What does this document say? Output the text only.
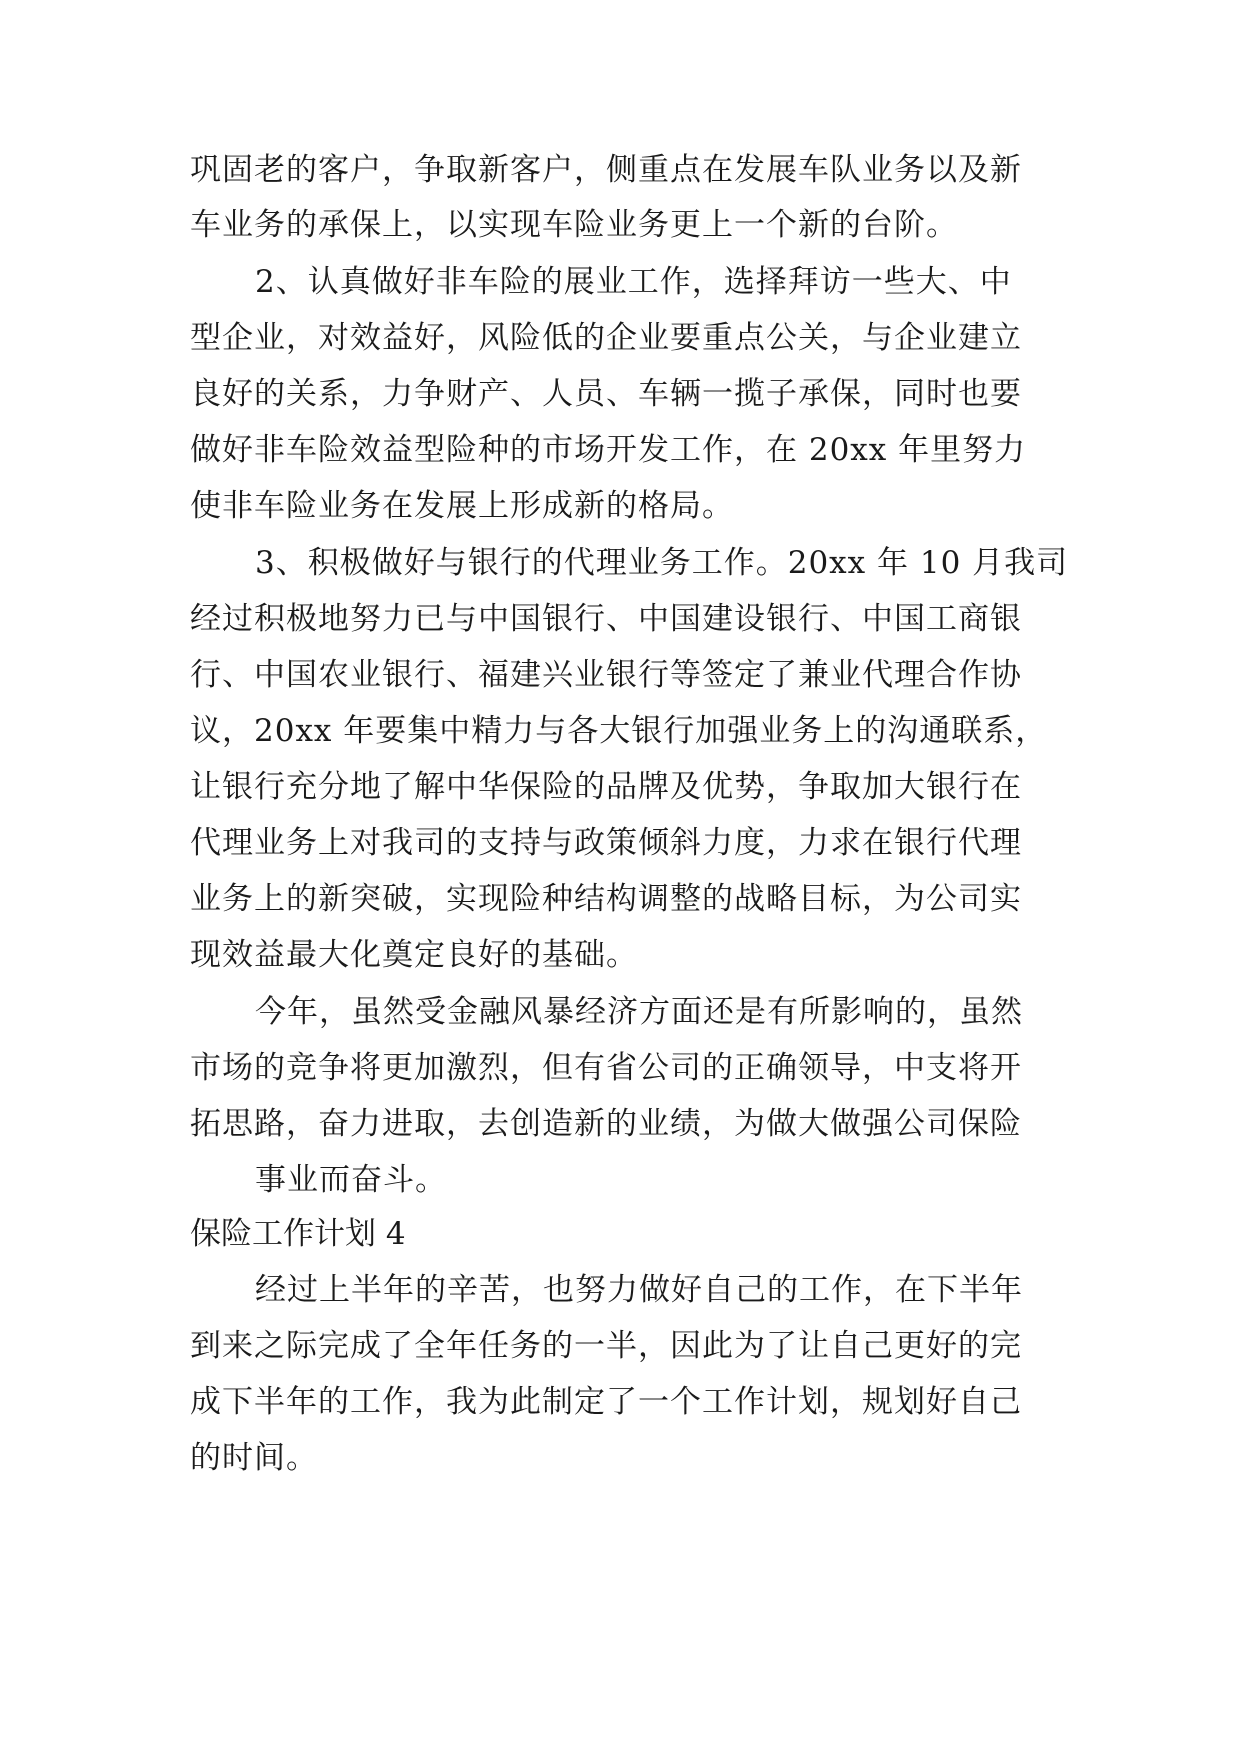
巩固老的客户，争取新客户，侧重点在发展车队业务以及新
车业务的承保上，以实现车险业务更上一个新的台阶。
2、认真做好非车险的展业工作，选择拜访一些大、中
型企业，对效益好，风险低的企业要重点公关，与企业建立
良好的关系，力争财产、人员、车辆一揽子承保，同时也要
做好非车险效益型险种的市场开发工作，在 20xx 年里努力
使非车险业务在发展上形成新的格局。
3、积极做好与银行的代理业务工作。20xx 年 10 月我司
经过积极地努力已与中国银行、中国建设银行、中国工商银
行、中国农业银行、福建兴业银行等签定了兼业代理合作协
议，20xx 年要集中精力与各大银行加强业务上的沟通联系，
让银行充分地了解中华保险的品牌及优势，争取加大银行在
代理业务上对我司的支持与政策倾斜力度，力求在银行代理
业务上的新突破，实现险种结构调整的战略目标，为公司实
现效益最大化奠定良好的基础。
今年，虽然受金融风暴经济方面还是有所影响的，虽然
市场的竞争将更加激烈，但有省公司的正确领导，中支将开
拓思路，奋力进取，去创造新的业绩，为做大做强公司保险
事业而奋斗。
保险工作计划 4
经过上半年的辛苦，也努力做好自己的工作，在下半年
到来之际完成了全年任务的一半，因此为了让自己更好的完
成下半年的工作，我为此制定了一个工作计划，规划好自己
的时间。
